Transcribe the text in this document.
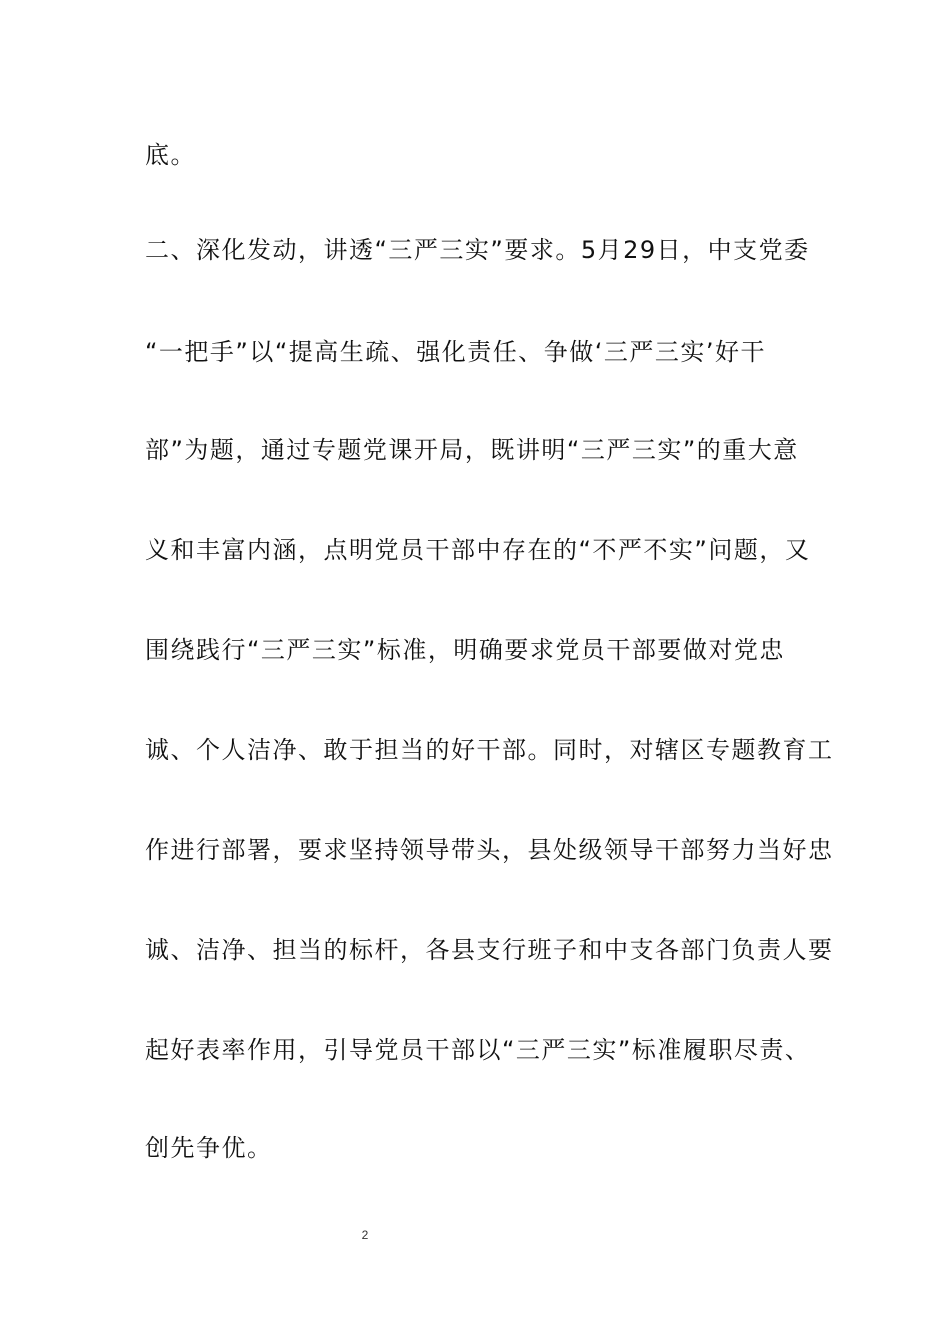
底。
二、深化发动，讲透“三严三实”要求。5月29日，中支党委
“一把手”以“提高生疏、强化责任、争做‘三严三实’好干
部”为题，通过专题党课开局，既讲明“三严三实”的重大意
义和丰富内涵，点明党员干部中存在的“不严不实”问题，又
围绕践行“三严三实”标准，明确要求党员干部要做对党忠
诚、个人洁净、敢于担当的好干部。同时，对辖区专题教育工
作进行部署，要求坚持领导带头，县处级领导干部努力当好忠
诚、洁净、担当的标杆，各县支行班子和中支各部门负责人要
起好表率作用，引导党员干部以“三严三实”标准履职尽责、
创先争优。
2
